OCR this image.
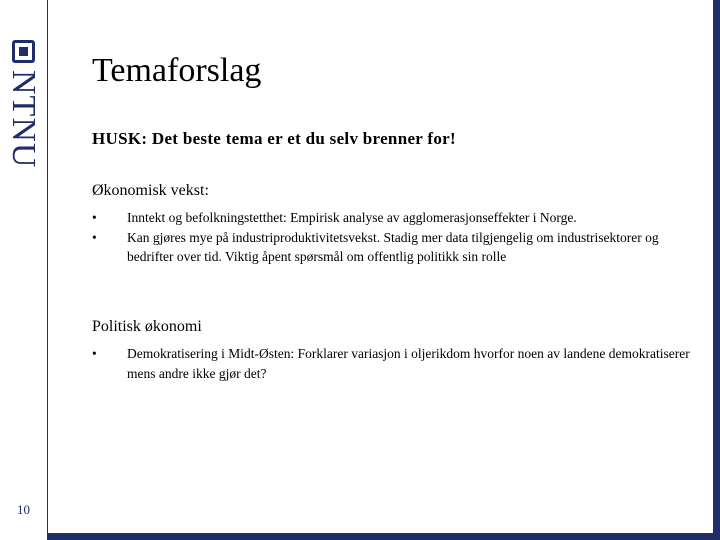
NTNU
10
Temaforslag
HUSK: Det beste tema er et du selv brenner for!
Økonomisk vekst:
• Inntekt og befolkningstetthet: Empirisk analyse av agglomerasjonseffekter i Norge.
• Kan gjøres mye på industriproduktivitetsvekst. Stadig mer data tilgjengelig om industrisektorer og bedrifter over tid. Viktig åpent spørsmål om offentlig politikk sin rolle
Politisk økonomi
• Demokratisering i Midt-Østen: Forklarer variasjon i oljerikdom hvorfor noen av landene demokratiserer mens andre ikke gjør det?
